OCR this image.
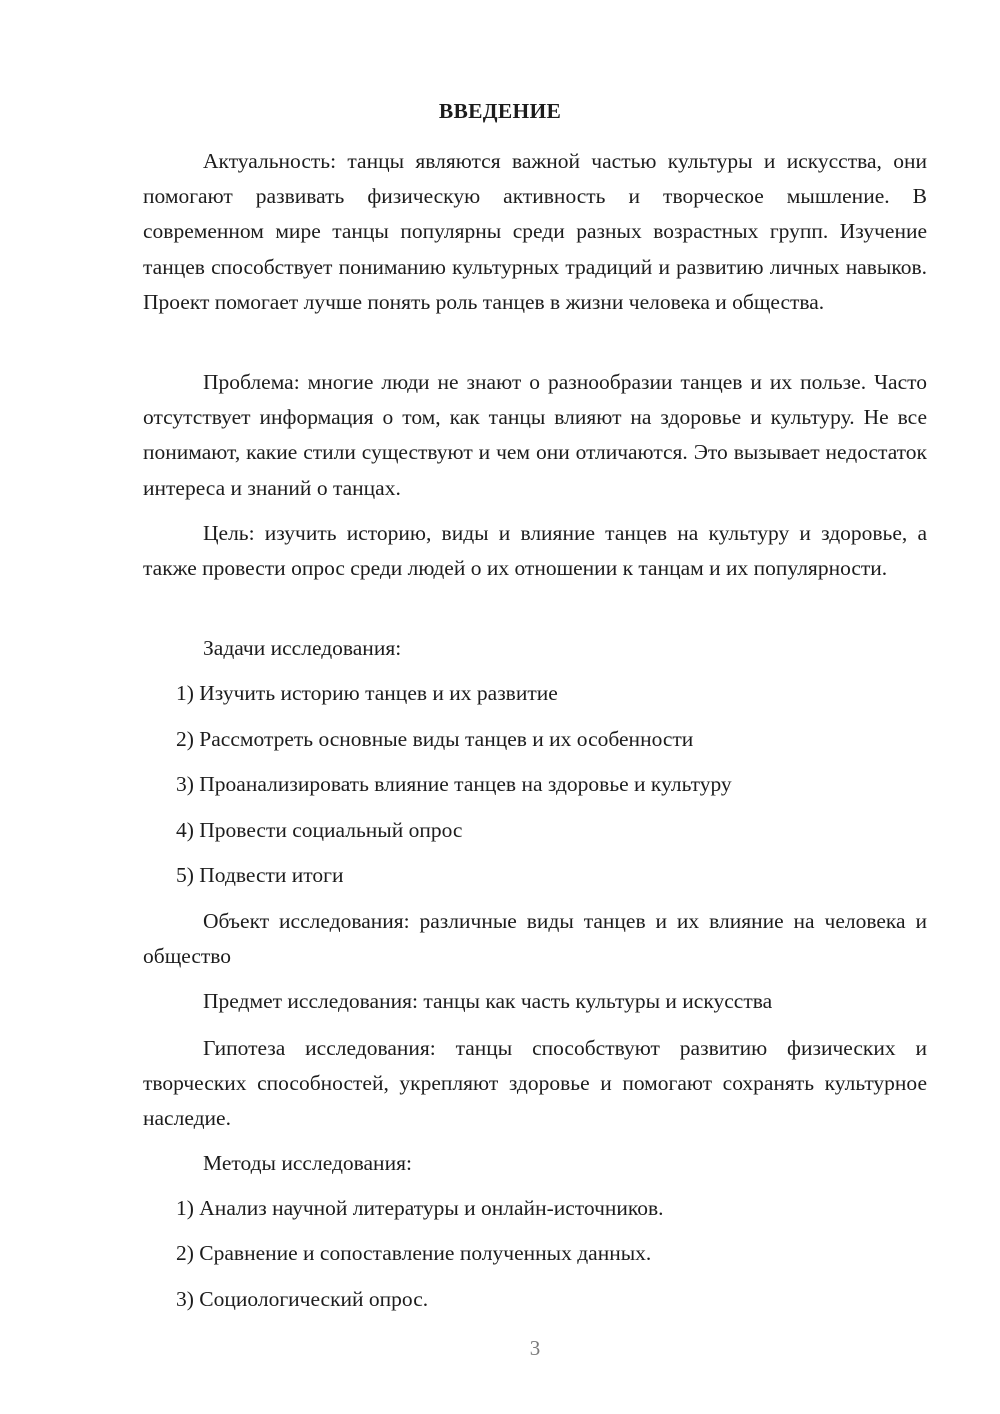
ВВЕДЕНИЕ

Актуальность: танцы являются важной частью культуры и искусства, они помогают развивать физическую активность и творческое мышление. В современном мире танцы популярны среди разных возрастных групп. Изучение танцев способствует пониманию культурных традиций и развитию личных навыков. Проект помогает лучше понять роль танцев в жизни человека и общества.

Проблема: многие люди не знают о разнообразии танцев и их пользе. Часто отсутствует информация о том, как танцы влияют на здоровье и культуру. Не все понимают, какие стили существуют и чем они отличаются. Это вызывает недостаток интереса и знаний о танцах.

Цель: изучить историю, виды и влияние танцев на культуру и здоровье, а также провести опрос среди людей о их отношении к танцам и их популярности.

Задачи исследования:
1) Изучить историю танцев и их развитие
2) Рассмотреть основные виды танцев и их особенности
3) Проанализировать влияние танцев на здоровье и культуру
4) Провести социальный опрос
5) Подвести итоги

Объект исследования: различные виды танцев и их влияние на человека и общество

Предмет исследования: танцы как часть культуры и искусства

Гипотеза исследования: танцы способствуют развитию физических и творческих способностей, укрепляют здоровье и помогают сохранять культурное наследие.

Методы исследования:
1) Анализ научной литературы и онлайн-источников.
2) Сравнение и сопоставление полученных данных.
3) Социологический опрос.
3
